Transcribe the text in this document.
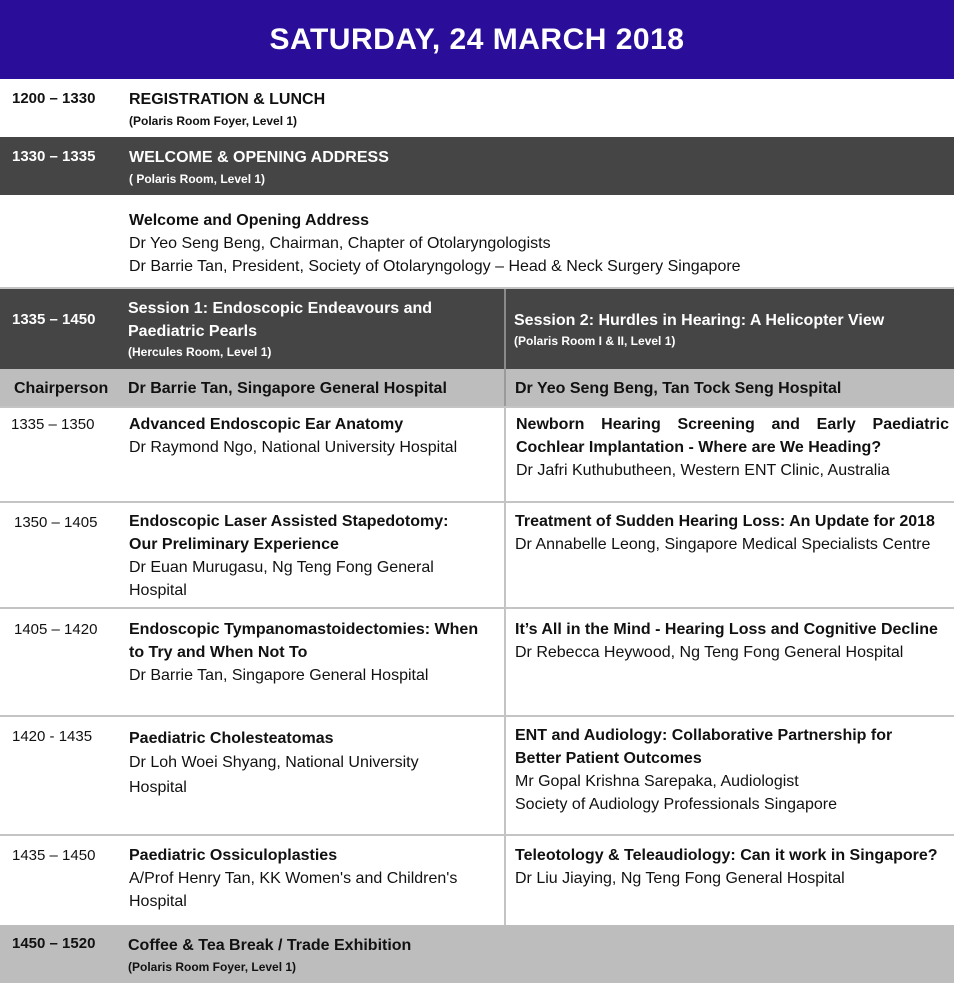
SATURDAY, 24 MARCH 2018
1200 – 1330 REGISTRATION & LUNCH
(Polaris Room Foyer, Level 1)
1330 – 1335 WELCOME & OPENING ADDRESS
( Polaris Room, Level 1)
Welcome and Opening Address
Dr Yeo Seng Beng, Chairman, Chapter of Otolaryngologists
Dr Barrie Tan, President, Society of Otolaryngology – Head & Neck Surgery Singapore
1335 – 1450
Session 1: Endoscopic Endeavours and
Paediatric Pearls
(Hercules Room, Level 1)
Session 2: Hurdles in Hearing: A Helicopter View
(Polaris Room I & II, Level 1)
Chairperson Dr Barrie Tan, Singapore General Hospital	Dr Yeo Seng Beng, Tan Tock Seng Hospital
1335 – 1350 Advanced Endoscopic Ear Anatomy
Dr Raymond Ngo, National University Hospital
Newborn Hearing Screening and Early Paediatric Cochlear Implantation - Where are We Heading?
Dr Jafri Kuthubutheen, Western ENT Clinic, Australia
1350 – 1405 Endoscopic Laser Assisted Stapedotomy:
Our Preliminary Experience
Dr Euan Murugasu, Ng Teng Fong General
Hospital
Treatment of Sudden Hearing Loss: An Update for 2018
Dr Annabelle Leong, Singapore Medical Specialists Centre
1405 – 1420 Endoscopic Tympanomastoidectomies: When
to Try and When Not To
Dr Barrie Tan, Singapore General Hospital
It’s All in the Mind - Hearing Loss and Cognitive Decline
Dr Rebecca Heywood, Ng Teng Fong General Hospital
1420 - 1435 Paediatric Cholesteatomas
Dr Loh Woei Shyang, National University
Hospital
ENT and Audiology: Collaborative Partnership for
Better Patient Outcomes
Mr Gopal Krishna Sarepaka, Audiologist
Society of Audiology Professionals Singapore
1435 – 1450 Paediatric Ossiculoplasties
A/Prof Henry Tan, KK Women's and Children's
Hospital
Teleotology & Teleaudiology: Can it work in Singapore?
Dr Liu Jiaying, Ng Teng Fong General Hospital
1450 – 1520 Coffee & Tea Break / Trade Exhibition
(Polaris Room Foyer, Level 1)
